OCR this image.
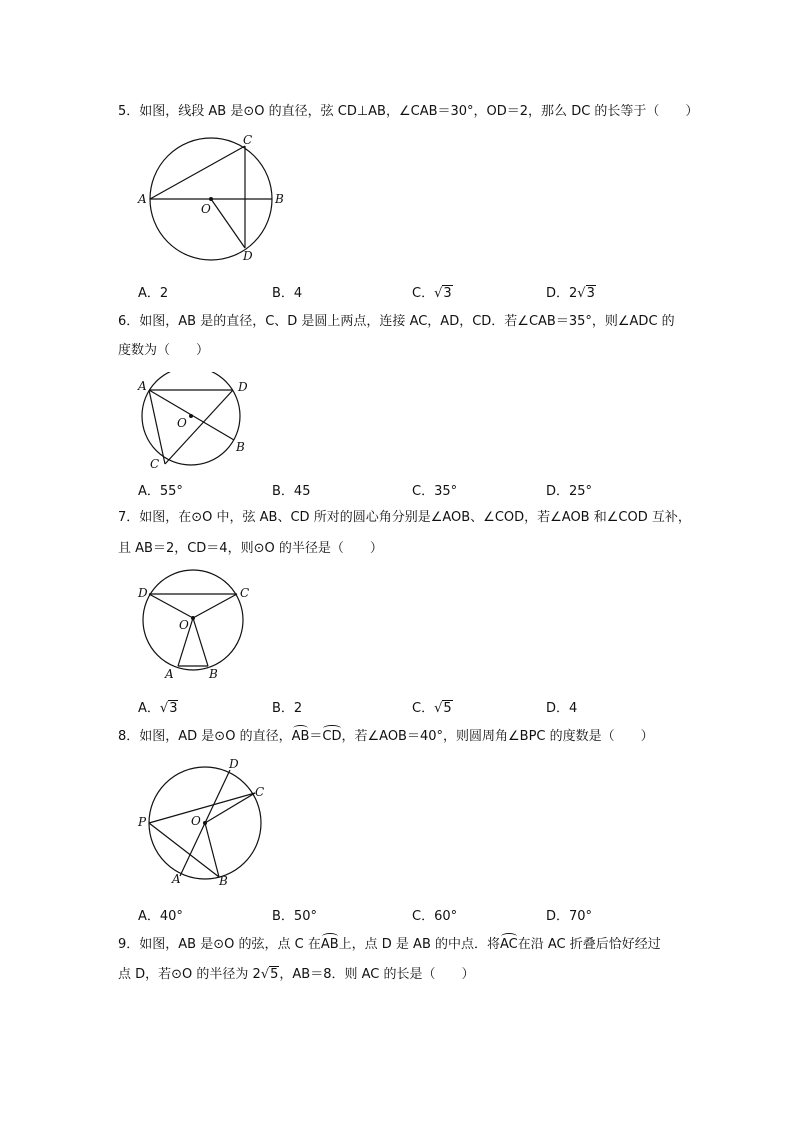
5．如图，线段 AB 是⊙O 的直径，弦 CD⊥AB，∠CAB＝30°，OD＝2，那么 DC 的长等于（　　）
A	B
C
D
O
A．2	B．4	C．√3	D．2√3
6．如图，AB 是的直径，C、D 是圆上两点，连接 AC，AD，CD．若∠CAB＝35°，则∠ADC 的
度数为（　　）
A	D
B
C
O
A．55°	B．45	C．35°	D．25°
7．如图，在⊙O 中，弦 AB、CD 所对的圆心角分别是∠AOB、∠COD，若∠AOB 和∠COD 互补，
且 AB＝2，CD＝4，则⊙O 的半径是（　　）
D	C
O
A	B
A．√3	B．2	C．√5	D．4
8．如图，AD 是⊙O 的直径，AB＝CD，若∠AOB＝40°，则圆周角∠BPC 的度数是（　　）
D
C
P	O
A	B
A．40°	B．50°	C．60°	D．70°
9．如图，AB 是⊙O 的弦，点 C 在AB上，点 D 是 AB 的中点．将AC在沿 AC 折叠后恰好经过
点 D，若⊙O 的半径为 2√5，AB＝8．则 AC 的长是（　　）
